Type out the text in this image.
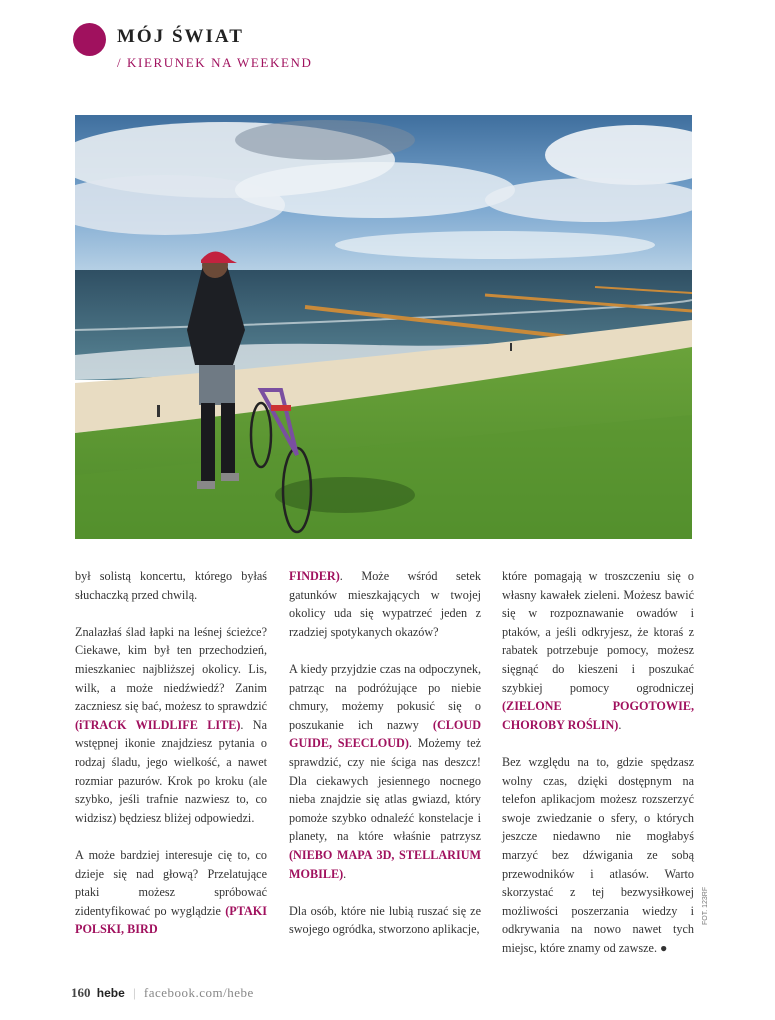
MÓJ ŚWIAT
/ KIERUNEK NA WEEKEND

był solistą koncertu, którego byłaś słuchaczką przed chwilą.

Znalazłaś ślad łapki na leśnej ścieżce? Ciekawe, kim był ten przechodzień, mieszkaniec najbliższej okolicy. Lis, wilk, a może niedźwiedź? Zanim zaczniesz się bać, możesz to sprawdzić (iTRACK WILDLIFE LITE). Na wstępnej ikonie znajdziesz pytania o rodzaj śladu, jego wielkość, a nawet rozmiar pazurów. Krok po kroku (ale szybko, jeśli trafnie nazwiesz to, co widzisz) będziesz bliżej odpowiedzi.

A może bardziej interesuje cię to, co dzieje się nad głową? Przelatujące ptaki możesz spróbować zidentyfikować po wyglądzie (PTAKI POLSKI, BIRD

FINDER). Może wśród setek gatunków mieszkających w twojej okolicy uda się wypatrzeć jeden z rzadziej spotykanych okazów?

A kiedy przyjdzie czas na odpoczynek, patrząc na podróżujące po niebie chmury, możemy pokusić się o poszukanie ich nazwy (CLOUD GUIDE, SEECLOUD). Możemy też sprawdzić, czy nie ściga nas deszcz! Dla ciekawych jesiennego nocnego nieba znajdzie się atlas gwiazd, który pomoże szybko odnaleźć konstelacje i planety, na które właśnie patrzysz (NIEBO MAPA 3D, STELLARIUM MOBILE).

Dla osób, które nie lubią ruszać się ze swojego ogródka, stworzono aplikacje,

które pomagają w troszczeniu się o własny kawałek zieleni. Możesz bawić się w rozpoznawanie owadów i ptaków, a jeśli odkryjesz, że ktoraś z rabatek potrzebuje pomocy, możesz sięgnąć do kieszeni i poszukać szybkiej pomocy ogrodniczej (ZIELONE POGOTOWIE, CHOROBY ROŚLIN).

Bez względu na to, gdzie spędzasz wolny czas, dzięki dostępnym na telefon aplikacjom możesz rozszerzyć swoje zwiedzanie o sfery, o których jeszcze niedawno nie mogłabyś marzyć bez dźwigania ze sobą przewodników i atlasów. Warto skorzystać z tej bezwysiłkowej możliwości poszerzania wiedzy i odkrywania na nowo nawet tych miejsc, które znamy od zawsze. ●

FOT. 123RF
160 hebe | facebook.com/hebe
